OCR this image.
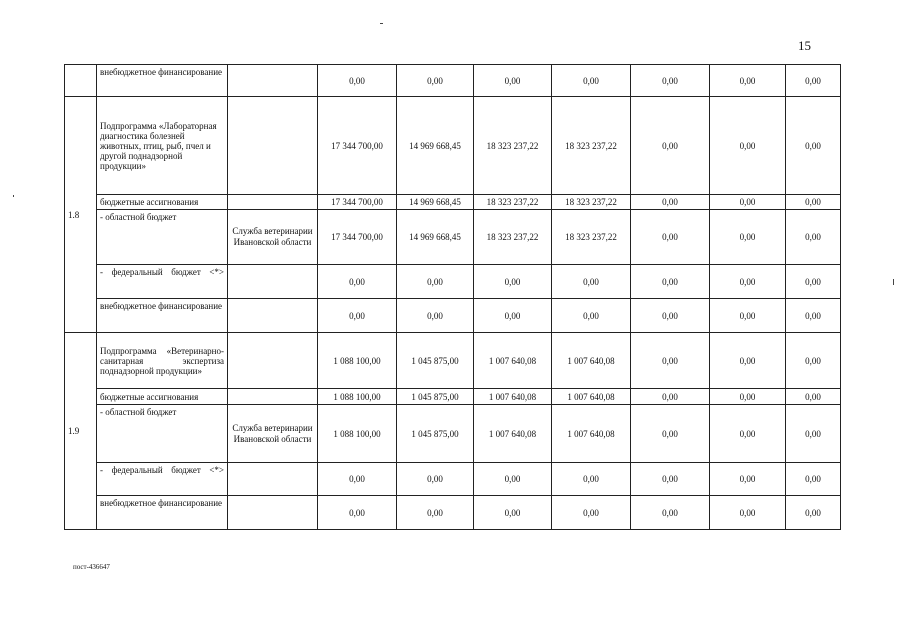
15
	внебюджетное финансирование		0,00	0,00	0,00	0,00	0,00	0,00	0,00
1.8	Подпрограмма «Лабораторная диагностика болезней животных, птиц, рыб, пчел и другой поднадзорной продукции»		17 344 700,00	14 969 668,45	18 323 237,22	18 323 237,22	0,00	0,00	0,00
	бюджетные ассигнования		17 344 700,00	14 969 668,45	18 323 237,22	18 323 237,22	0,00	0,00	0,00
	- областной бюджет	Служба ветеринарии Ивановской области	17 344 700,00	14 969 668,45	18 323 237,22	18 323 237,22	0,00	0,00	0,00
	- федеральный бюджет <*>		0,00	0,00	0,00	0,00	0,00	0,00	0,00
	внебюджетное финансирование		0,00	0,00	0,00	0,00	0,00	0,00	0,00
1.9	Подпрограмма «Ветеринарно-санитарная экспертиза поднадзорной продукции»		1 088 100,00	1 045 875,00	1 007 640,08	1 007 640,08	0,00	0,00	0,00
	бюджетные ассигнования		1 088 100,00	1 045 875,00	1 007 640,08	1 007 640,08	0,00	0,00	0,00
	- областной бюджет	Служба ветеринарии Ивановской области	1 088 100,00	1 045 875,00	1 007 640,08	1 007 640,08	0,00	0,00	0,00
	- федеральный бюджет <*>		0,00	0,00	0,00	0,00	0,00	0,00	0,00
	внебюджетное финансирование		0,00	0,00	0,00	0,00	0,00	0,00	0,00
пост-436647
